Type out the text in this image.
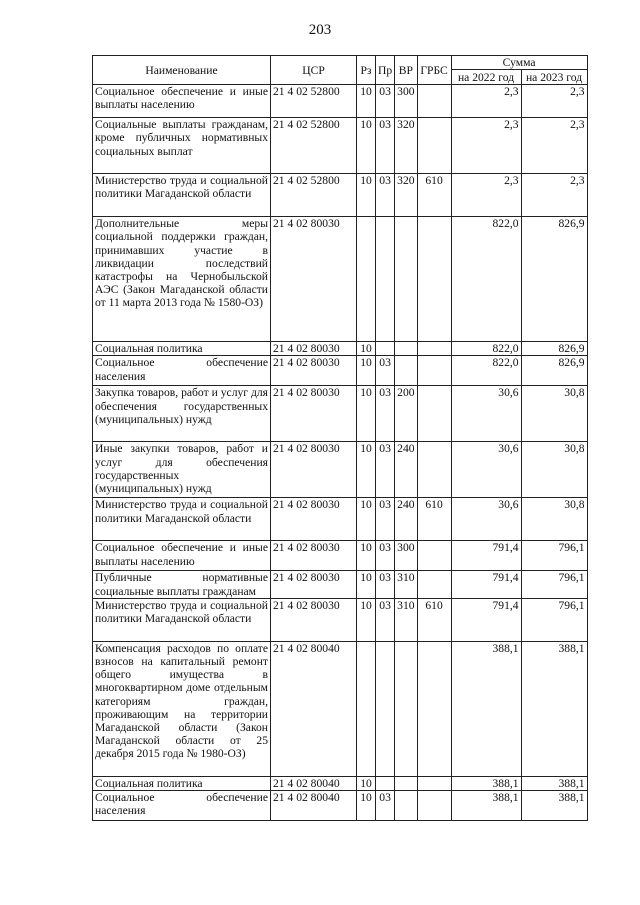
203
Наименование	ЦСР	Рз	Пр	ВР	ГРБС	Сумма	
						на 2022 год	на 2023 год
Социальное обеспечение и иные выплаты населению	21 4 02 52800	10	03	300		2,3	2,3
Социальные выплаты гражданам, кроме публичных нормативных социальных выплат	21 4 02 52800	10	03	320		2,3	2,3
Министерство труда и социальной политики Магаданской области	21 4 02 52800	10	03	320	610	2,3	2,3
Дополнительные меры социальной поддержки граждан, принимавших участие в ликвидации последствий катастрофы на Чернобыльской АЭС (Закон Магаданской области от 11 марта 2013 года № 1580-ОЗ)	21 4 02 80030					822,0	826,9
Социальная политика	21 4 02 80030	10				822,0	826,9
Социальное обеспечение населения	21 4 02 80030	10	03			822,0	826,9
Закупка товаров, работ и услуг для обеспечения государственных (муниципальных) нужд	21 4 02 80030	10	03	200		30,6	30,8
Иные закупки товаров, работ и услуг для обеспечения государственных (муниципальных) нужд	21 4 02 80030	10	03	240		30,6	30,8
Министерство труда и социальной политики Магаданской области	21 4 02 80030	10	03	240	610	30,6	30,8
Социальное обеспечение и иные выплаты населению	21 4 02 80030	10	03	300		791,4	796,1
Публичные нормативные социальные выплаты гражданам	21 4 02 80030	10	03	310		791,4	796,1
Министерство труда и социальной политики Магаданской области	21 4 02 80030	10	03	310	610	791,4	796,1
Компенсация расходов по оплате взносов на капитальный ремонт общего имущества в многоквартирном доме отдельным категориям граждан, проживающим на территории Магаданской области (Закон Магаданской области от 25 декабря 2015 года № 1980-ОЗ)	21 4 02 80040					388,1	388,1
Социальная политика	21 4 02 80040	10				388,1	388,1
Социальное обеспечение населения	21 4 02 80040	10	03			388,1	388,1
